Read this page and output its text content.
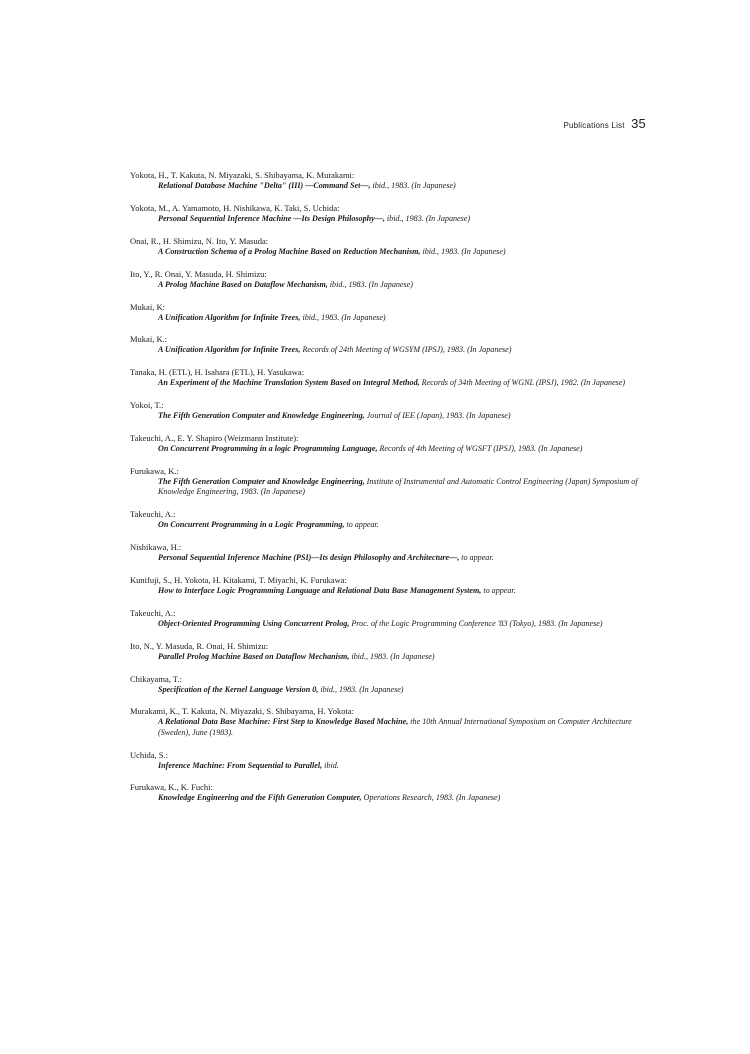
Publications List 35
Yokota, H., T. Kakuta, N. Miyazaki, S. Shibayama, K. Murakami:
Relational Database Machine "Delta" (III) —Command Set—, ibid., 1983. (In Japanese)
Yokota, M., A. Yamamoto, H. Nishikawa, K. Taki, S. Uchida:
Personal Sequential Inference Machine —Its Design Philosophy—, ibid., 1983. (In Japanese)
Onai, R., H. Shimizu, N. Ito, Y. Masuda:
A Construction Schema of a Prolog Machine Based on Reduction Mechanism, ibid., 1983. (In Japanese)
Ito, Y., R. Onai, Y. Masuda, H. Shimizu:
A Prolog Machine Based on Dataflow Mechanism, ibid., 1983. (In Japanese)
Mukai, K:
A Unification Algorithm for Infinite Trees, ibid., 1983. (In Japanese)
Mukai, K.:
A Unification Algorithm for Infinite Trees, Records of 24th Meeting of WGSYM (IPSJ), 1983. (In Japanese)
Tanaka, H. (ETL), H. Isahara (ETL), H. Yasukawa:
An Experiment of the Machine Translation System Based on Integral Method, Records of 34th Meeting of WGNL (IPSJ), 1982. (In Japanese)
Yokoi, T.:
The Fifth Generation Computer and Knowledge Engineering, Journal of IEE (Japan), 1983. (In Japanese)
Takeuchi, A., E. Y. Shapiro (Weizmann Institute):
On Concurrent Programming in a logic Programming Language, Records of 4th Meeting of WGSFT (IPSJ), 1983. (In Japanese)
Furukawa, K.:
The Fifth Generation Computer and Knowledge Engineering, Institute of Instrumental and Automatic Control Engineering (Japan) Symposium of Knowledge Engineering, 1983. (In Japanese)
Takeuchi, A.:
On Concurrent Programming in a Logic Programming, to appear.
Nishikawa, H.:
Personal Sequential Inference Machine (PSI)—Its design Philosophy and Architecture—, to appear.
Kunifuji, S., H. Yokota, H. Kitakami, T. Miyachi, K. Furukawa:
How to Interface Logic Programming Language and Relational Data Base Management System, to appear.
Takeuchi, A.:
Object-Oriented Programming Using Concurrent Prolog, Proc. of the Logic Programming Conference '83 (Tokyo), 1983. (In Japanese)
Ito, N., Y. Masuda, R. Onai, H. Shimizu:
Parallel Prolog Machine Based on Dataflow Mechanism, ibid., 1983. (In Japanese)
Chikayama, T.:
Specification of the Kernel Language Version 0, ibid., 1983. (In Japanese)
Murakami, K., T. Kakuta, N. Miyazaki, S. Shibayama, H. Yokota:
A Relational Data Base Machine: First Step to Knowledge Based Machine, the 10th Annual International Symposium on Computer Architecture (Sweden), June (1983).
Uchida, S.:
Inference Machine: From Sequential to Parallel, ibid.
Furukawa, K., K. Fuchi:
Knowledge Engineering and the Fifth Generation Computer, Operations Research, 1983. (In Japanese)
